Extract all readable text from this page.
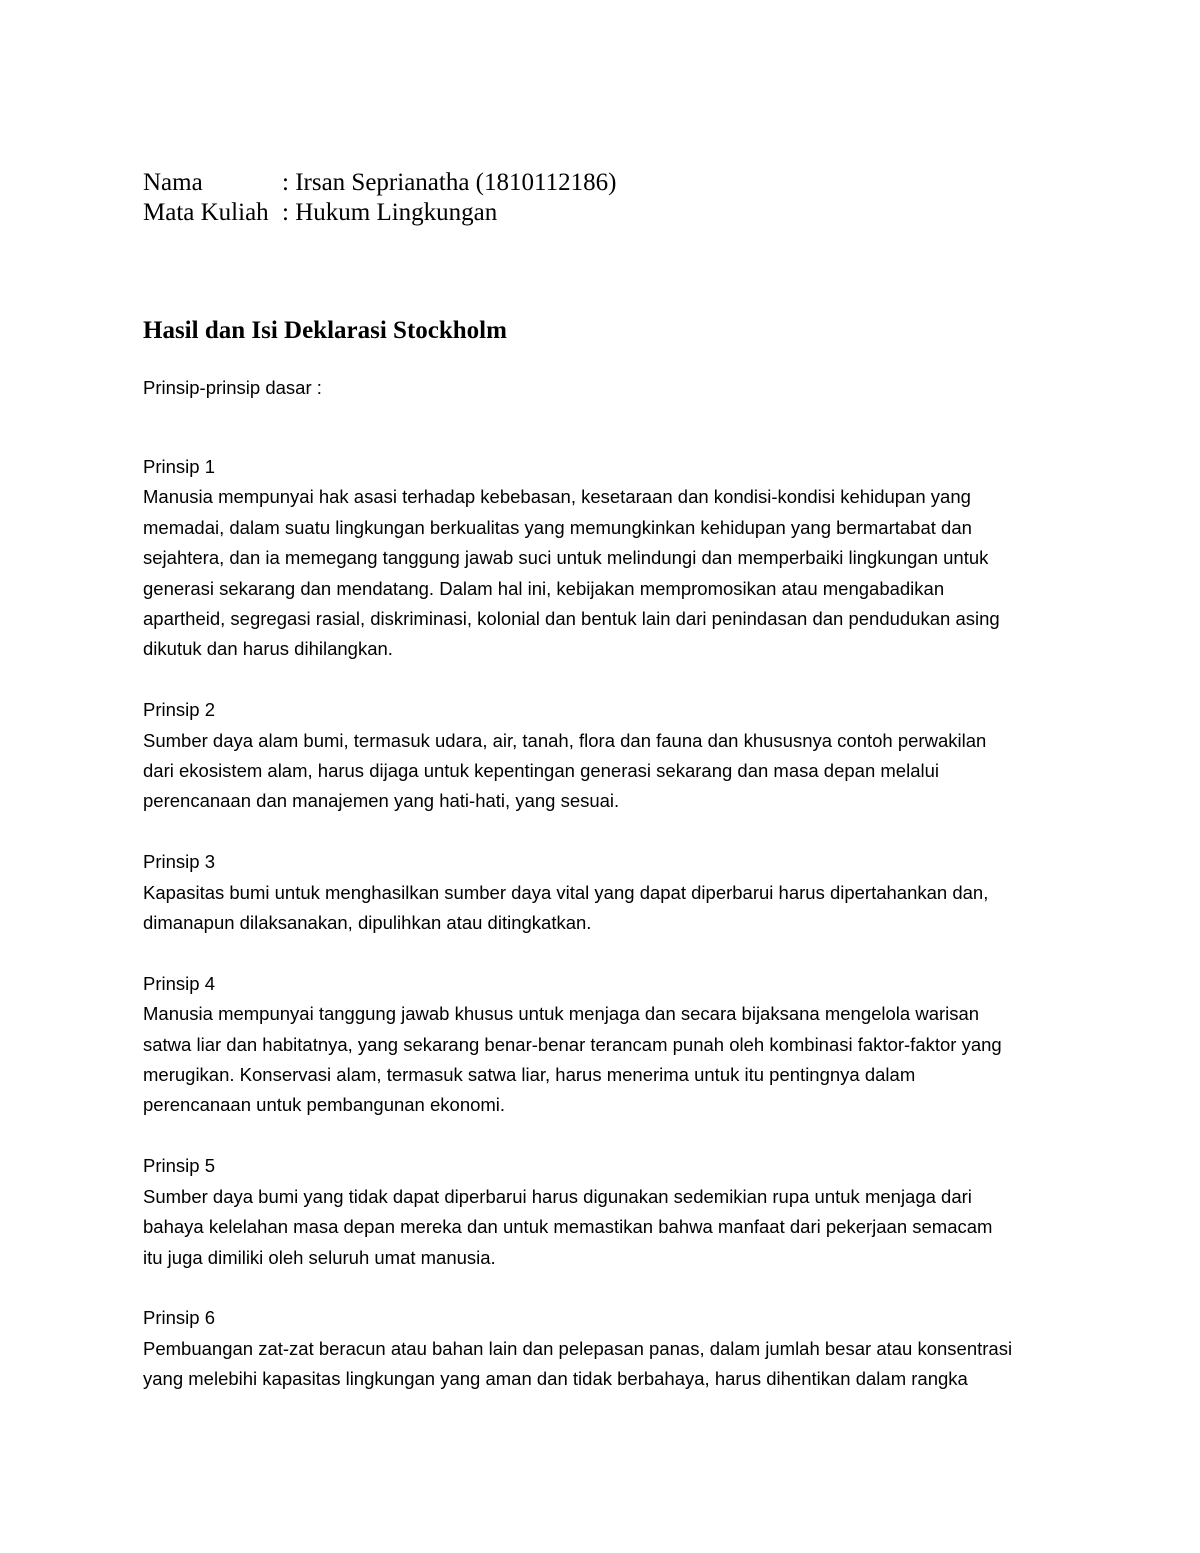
Nama	: Irsan Seprianatha (1810112186)
Mata Kuliah : Hukum Lingkungan
Hasil dan Isi Deklarasi Stockholm
Prinsip-prinsip dasar :
Prinsip 1
Manusia mempunyai hak asasi terhadap kebebasan, kesetaraan dan kondisi-kondisi kehidupan yang
memadai, dalam suatu lingkungan berkualitas yang memungkinkan kehidupan yang bermartabat dan
sejahtera, dan ia memegang tanggung jawab suci untuk melindungi dan memperbaiki lingkungan untuk
generasi sekarang dan mendatang. Dalam hal ini, kebijakan mempromosikan atau mengabadikan
apartheid, segregasi rasial, diskriminasi, kolonial dan bentuk lain dari penindasan dan pendudukan asing
dikutuk dan harus dihilangkan.
Prinsip 2
Sumber daya alam bumi, termasuk udara, air, tanah, flora dan fauna dan khususnya contoh perwakilan
dari ekosistem alam, harus dijaga untuk kepentingan generasi sekarang dan masa depan melalui
perencanaan dan manajemen yang hati-hati, yang sesuai.
Prinsip 3
Kapasitas bumi untuk menghasilkan sumber daya vital yang dapat diperbarui harus dipertahankan dan,
dimanapun dilaksanakan, dipulihkan atau ditingkatkan.
Prinsip 4
Manusia mempunyai tanggung jawab khusus untuk menjaga dan secara bijaksana mengelola warisan
satwa liar dan habitatnya, yang sekarang benar-benar terancam punah oleh kombinasi faktor-faktor yang
merugikan. Konservasi alam, termasuk satwa liar, harus menerima untuk itu pentingnya dalam
perencanaan untuk pembangunan ekonomi.
Prinsip 5
Sumber daya bumi yang tidak dapat diperbarui harus digunakan sedemikian rupa untuk menjaga dari
bahaya kelelahan masa depan mereka dan untuk memastikan bahwa manfaat dari pekerjaan semacam
itu juga dimiliki oleh seluruh umat manusia.
Prinsip 6
Pembuangan zat-zat beracun atau bahan lain dan pelepasan panas, dalam jumlah besar atau konsentrasi
yang melebihi kapasitas lingkungan yang aman dan tidak berbahaya, harus dihentikan dalam rangka
